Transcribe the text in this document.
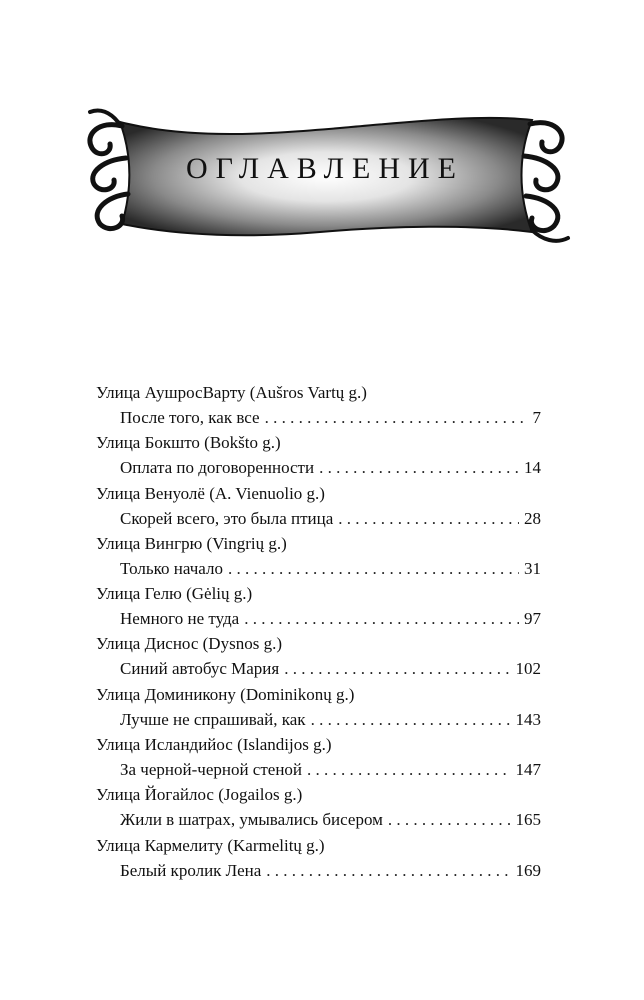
ОГЛАВЛЕНИЕ
Улица АушросВарту (Aušros Vartų g.)
После того, как все . . .	7
Улица Бокшто (Bokšto g.)
Оплата по договоренности . . .	14
Улица Венуолё (A. Vienuolio g.)
Скорей всего, это была птица . . .	28
Улица Вингрю (Vingrių g.)
Только начало . . .	31
Улица Гелю (Gėlių g.)
Немного не туда . . .	97
Улица Диснос (Dysnos g.)
Синий автобус Мария . . .	102
Улица Доминикону (Dominikonų g.)
Лучше не спрашивай, как . . .	143
Улица Исландийос (Islandijos g.)
За черной-черной стеной . . .	147
Улица Йогайлос (Jogailos g.)
Жили в шатрах, умывались бисером . . .	165
Улица Кармелиту (Karmelitų g.)
Белый кролик Лена . . .	169
